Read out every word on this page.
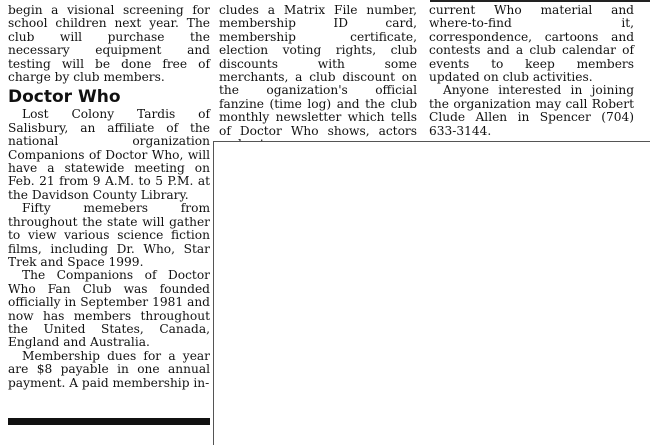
begin a visional screening for school children next year. The club will purchase the necessary equipment and testing will be done free of charge by club members.

Doctor Who

Lost Colony Tardis of Salisbury, an affiliate of the national organization Companions of Doctor Who, will have a statewide meeting on Feb. 21 from 9 A.M. to 5 P.M. at the Davidson County Library.

Fifty memebers from throughout the state will gather to view various science fiction films, including Dr. Who, Star Trek and Space 1999.

The Companions of Doctor Who Fan Club was founded officially in September 1981 and now has members throughout the United States, Canada, England and Australia.

Membership dues for a year are $8 payable in one annual payment. A paid membership in-

cludes a Matrix File number, membership ID card, membership certificate, election voting rights, club discounts with some merchants, a club discount on the oganization's official fanzine (time log) and the club monthly newsletter which tells of Doctor Who shows, actors

current Who material and where-to-find it, correspondence, cartoons and contests and a club calendar of events to keep members updated on club activities.

Anyone interested in joining the organization may call Robert Clude Allen in Spencer (704) 633-3144.
